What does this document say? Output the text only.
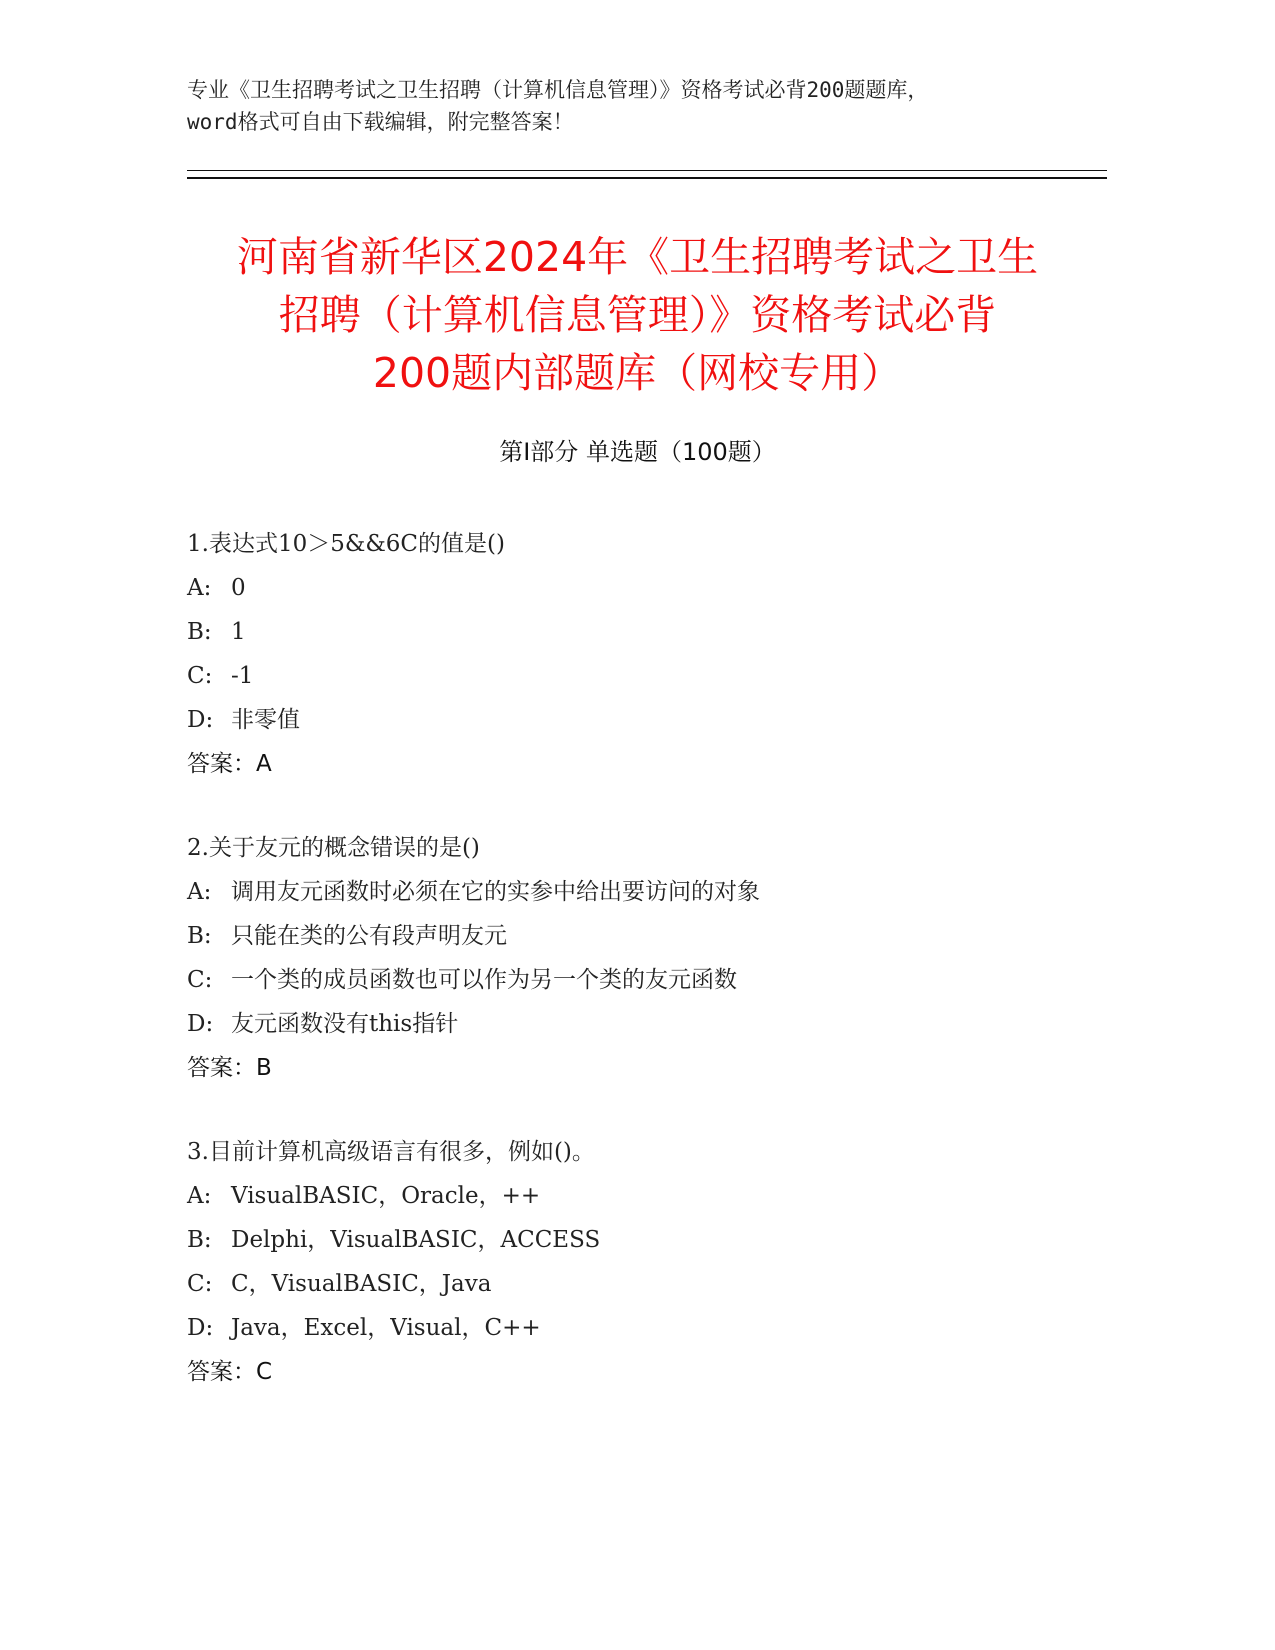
专业《卫生招聘考试之卫生招聘（计算机信息管理）》资格考试必背200题题库，
word格式可自由下载编辑，附完整答案！
河南省新华区2024年《卫生招聘考试之卫生
招聘（计算机信息管理）》资格考试必背
200题内部题库（网校专用）
第Ⅰ部分 单选题（100题）
1.表达式10＞5&&6C的值是()
A: 0
B: 1
C: -1
D: 非零值
答案：A
2.关于友元的概念错误的是()
A: 调用友元函数时必须在它的实参中给出要访问的对象
B: 只能在类的公有段声明友元
C: 一个类的成员函数也可以作为另一个类的友元函数
D: 友元函数没有this指针
答案：B
3.目前计算机高级语言有很多，例如()。
A: VisualBASIC，Oracle，++
B: Delphi，VisualBASIC，ACCESS
C: C，VisualBASIC，Java
D: Java，Excel，Visual，C++
答案：C
